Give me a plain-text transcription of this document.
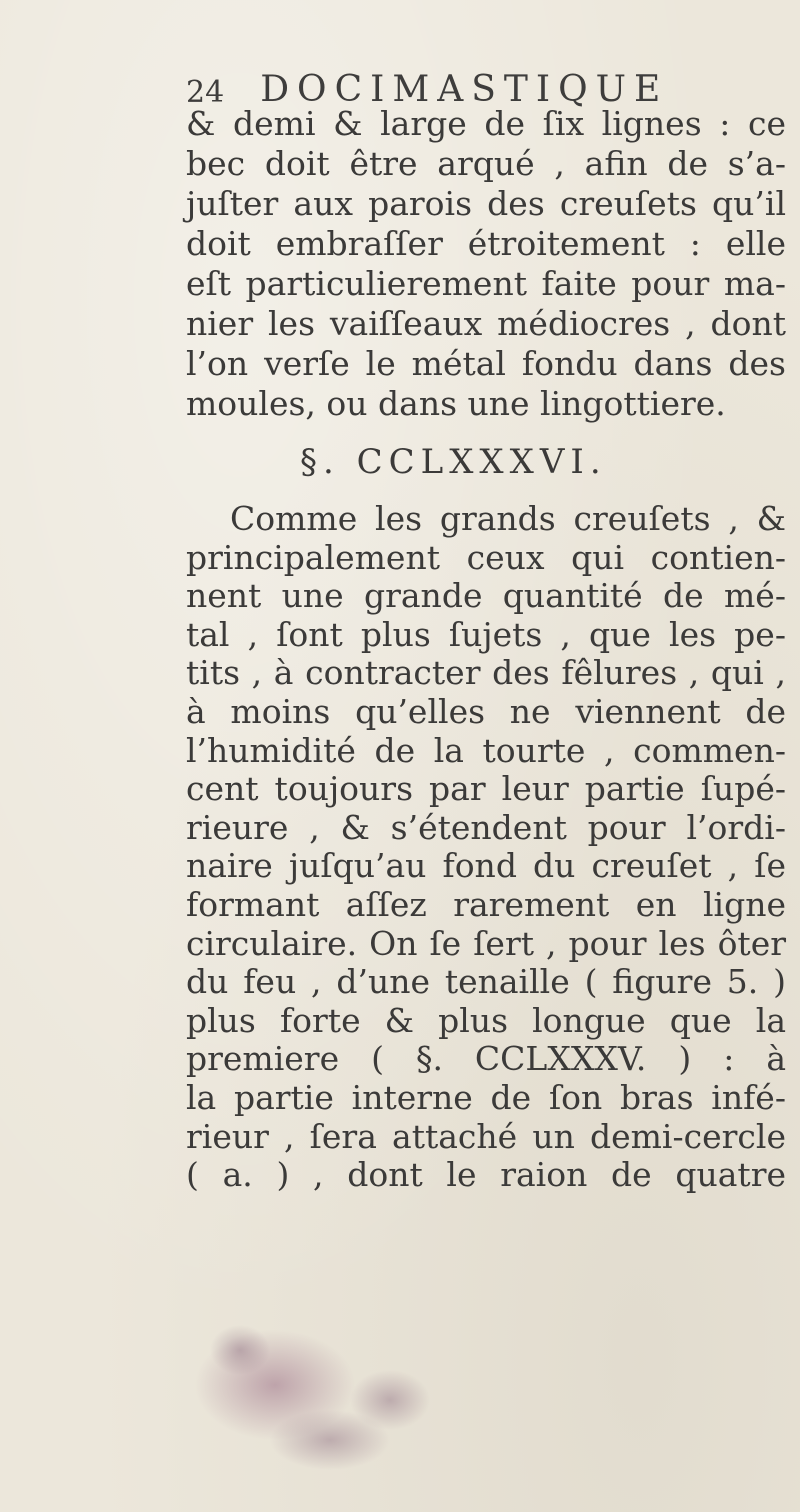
24 DOCIMASTIQUE
& demi & large de ſix lignes : ce
bec doit être arqué , afin de s’a-
juſter aux parois des creuſets qu’il
doit embraſſer étroitement : elle
eſt particulierement faite pour ma-
nier les vaiſſeaux médiocres , dont
l’on verſe le métal fondu dans des
moules, ou dans une lingottiere.
§. CCLXXXVI.
Comme les grands creuſets , &
principalement ceux qui contien-
nent une grande quantité de mé-
tal , ſont plus ſujets , que les pe-
tits , à contracter des fêlures , qui ,
à moins qu’elles ne viennent de
l’humidité de la tourte , commen-
cent toujours par leur partie ſupé-
rieure , & s’étendent pour l’ordi-
naire juſqu’au fond du creuſet , ſe
formant aſſez rarement en ligne
circulaire. On ſe ſert , pour les ôter
du feu , d’une tenaille ( figure 5. )
plus forte & plus longue que la
premiere ( §. CCLXXXV. ) : à
la partie interne de ſon bras infé-
rieur , ſera attaché un demi-cercle
( a. ) , dont le raion de quatre
